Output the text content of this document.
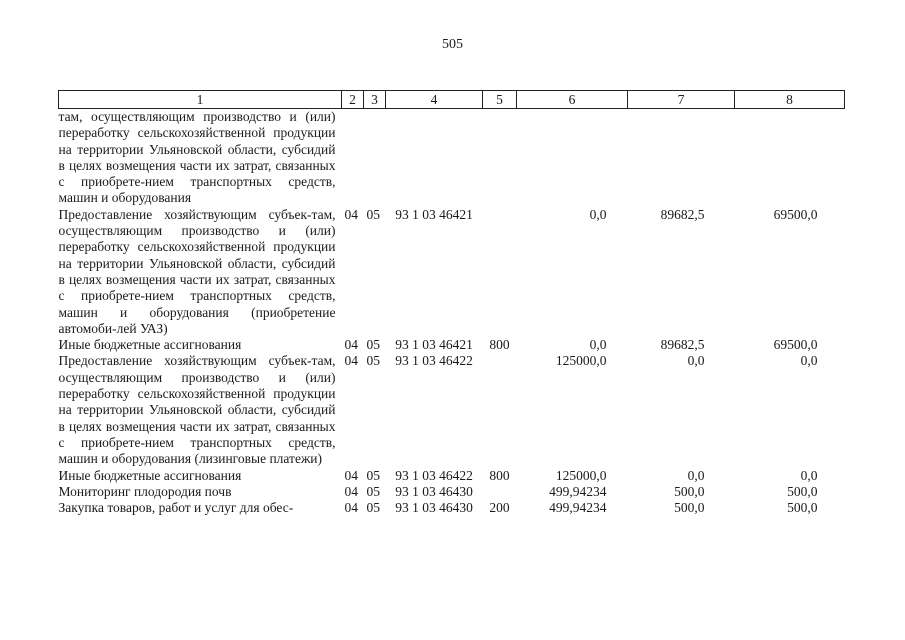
505
1	2	3	4	5	6	7	8
там, осуществляющим производство и (или) переработку сельскохозяйственной продукции на территории Ульяновской области, субсидий в целях возмещения части их затрат, связанных с приобрете-нием транспортных средств, машин и оборудования							
Предоставление хозяйствующим субъек-там, осуществляющим производство и (или) переработку сельскохозяйственной продукции на территории Ульяновской области, субсидий в целях возмещения части их затрат, связанных с приобрете-нием транспортных средств, машин и оборудования (приобретение автомоби-лей УАЗ)	04	05	93 1 03 46421		0,0	89682,5	69500,0
Иные бюджетные ассигнования	04	05	93 1 03 46421	800	0,0	89682,5	69500,0
Предоставление хозяйствующим субъек-там, осуществляющим производство и (или) переработку сельскохозяйственной продукции на территории Ульяновской области, субсидий в целях возмещения части их затрат, связанных с приобрете-нием транспортных средств, машин и оборудования (лизинговые платежи)	04	05	93 1 03 46422		125000,0	0,0	0,0
Иные бюджетные ассигнования	04	05	93 1 03 46422	800	125000,0	0,0	0,0
Мониторинг плодородия почв	04	05	93 1 03 46430		499,94234	500,0	500,0
Закупка товаров, работ и услуг для обес-	04	05	93 1 03 46430	200	499,94234	500,0	500,0
